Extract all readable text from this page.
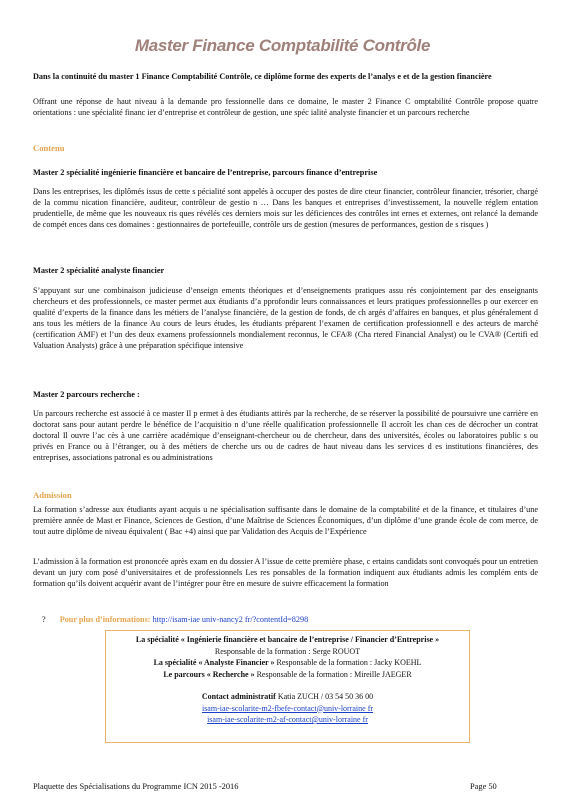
Master Finance Comptabilité Contrôle
Dans la continuité du master 1 Finance Comptabilité Contrôle, ce diplôme forme des experts de l’analys e et de la gestion financière
Offrant une réponse de haut niveau à la demande pro fessionnelle dans ce domaine, le master 2 Finance C omptabilité Contrôle propose quatre orientations : une spécialité financ ier d’entreprise et contrôleur de gestion, une spéc ialité analyste financier et un parcours recherche
Contenu
Master 2 spécialité ingénierie financière et bancaire de l’entreprise, parcours finance d’entreprise
Dans les entreprises, les diplômés issus de cette s pécialité sont appelés à occuper des postes de dire cteur financier, contrôleur financier, trésorier, chargé de la commu nication financière, auditeur, contrôleur de gestio n … Dans les banques et entreprises d’investissement, la nouvelle réglem entation prudentielle, de même que les nouveaux ris ques révélés ces derniers mois sur les déficiences des contrôles int ernes et externes, ont relancé la demande de compét ences dans ces domaines : gestionnaires de portefeuille, contrôle urs de gestion (mesures de performances, gestion de s risques )
Master 2 spécialité analyste financier
S’appuyant sur une combinaison judicieuse d’enseign ements théoriques et d’enseignements pratiques assu rés conjointement par des enseignants chercheurs et des professionnels, ce master permet aux étudiants d’a pprofondir leurs connaissances et leurs pratiques professionnelles p our exercer en qualité d’experts de la finance dans les métiers de l’analyse financière, de la gestion de fonds, de ch argés d’affaires en banques, et plus généralement d ans tous les métiers de la finance Au cours de leurs études, les étudiants préparent l’examen de certification professionnell e des acteurs de marché (certification AMF) et l’un des deux examens professionnels mondialement reconnus, le CFA® (Cha rtered Financial Analyst) ou le CVA® (Certifi ed Valuation Analysts) grâce à une préparation spécifique intensive
Master 2 parcours recherche :
Un parcours recherche est associé à ce master Il p ermet à des étudiants attirés par la recherche, de se réserver la possibilité de poursuivre une carrière en doctorat sans pour autant perdre le bénéfice de l’acquisitio n d’une réelle qualification professionnelle Il accroît les chan ces de décrocher un contrat doctoral Il ouvre l’ac cès à une carrière académique d’enseignant-chercheur ou de chercheur, dans des universités, écoles ou laboratoires public s ou privés en France ou à l’étranger, ou à des métiers de cherche urs ou de cadres de haut niveau dans les services d es institutions financières, des entreprises, associations patronal es ou administrations
Admission
La formation s’adresse aux étudiants ayant acquis u ne spécialisation suffisante dans le domaine de la comptabilité et de la finance, et titulaires d’une première année de Mast er Finance, Sciences de Gestion, d’une Maîtrise de Sciences Économiques, d’un diplôme d’une grande école de com merce, de tout autre diplôme de niveau équivalent ( Bac +4) ainsi que par Validation des Acquis de l’Expérience
L’admission à la formation est prononcée après exam en du dossier A l’issue de cette première phase, c ertains candidats sont convoqués pour un entretien devant un jury com posé d’universitaires et de professionnels Les res ponsables de la formation indiquent aux étudiants admis les complém ents de formation qu’ils doivent acquérir avant de l’intégrer pour être en mesure de suivre efficacement la formation
? Pour plus d’informations: http://isam-iae univ-nancy2 fr/?contentId=8298
La spécialité « Ingénierie financière et bancaire de l’entreprise / Financier d’Entreprise »
Responsable de la formation : Serge ROUOT
La spécialité « Analyste Financier » Responsable de la formation : Jacky KOEHL
Le parcours « Recherche » Responsable de la formation : Mireille JAEGER
Contact administratif Katia ZUCH / 03 54 50 36 00
isam-iae-scolarite-m2-fbefe-contact@univ-lorraine fr
isam-iae-scolarite-m2-af-contact@univ-lorraine fr
Plaquette des Spécialisations du Programme ICN 2015 -2016	Page 50
